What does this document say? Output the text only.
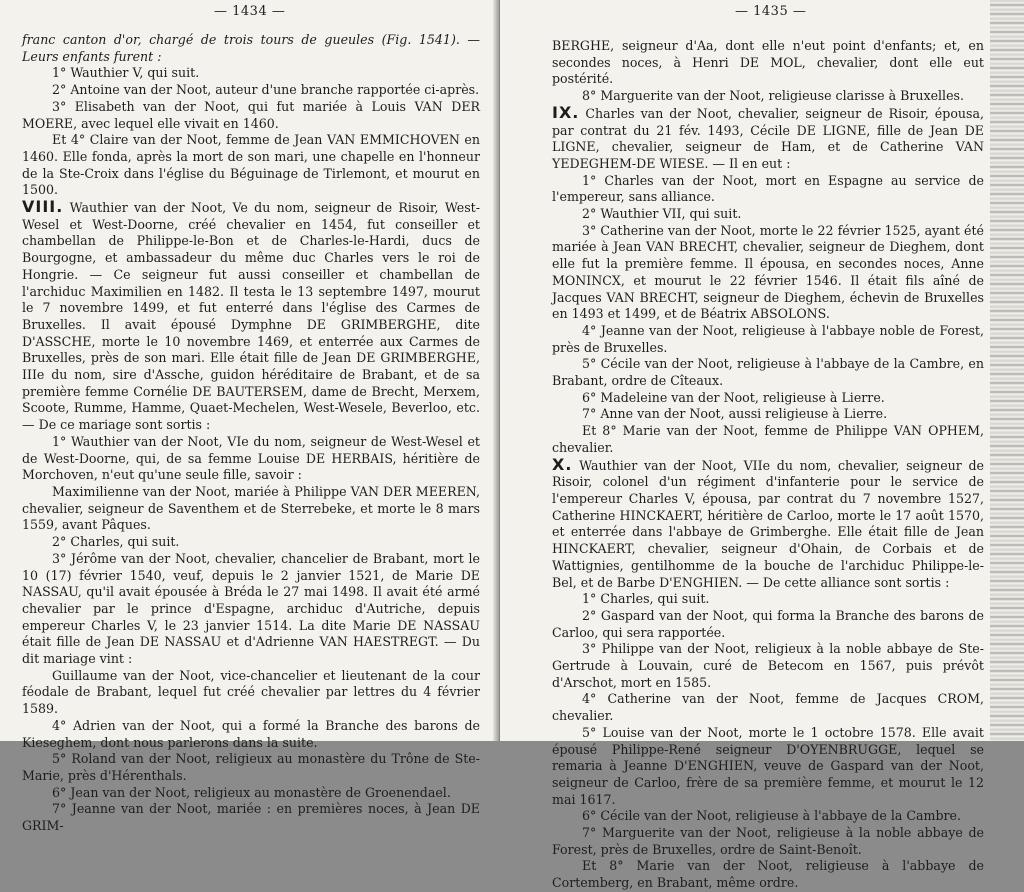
— 1434 —

franc canton d'or, chargé de trois tours de gueules (Fig. 1541). — Leurs enfants furent :

1° Wauthier V, qui suit.

2° Antoine van der Noot, auteur d'une branche rapportée ci-après.

3° Elisabeth van der Noot, qui fut mariée à Louis VAN DER MOERE, avec lequel elle vivait en 1460.

Et 4° Claire van der Noot, femme de Jean VAN EMMICHOVEN en 1460. Elle fonda, après la mort de son mari, une chapelle en l'honneur de la Ste-Croix dans l'église du Béguinage de Tirlemont, et mourut en 1500.

VIII. Wauthier van der Noot, Ve du nom, seigneur de Risoir, West-Wesel et West-Doorne, créé chevalier en 1454, fut conseiller et chambellan de Philippe-le-Bon et de Charles-le-Hardi, ducs de Bourgogne, et ambassadeur du même duc Charles vers le roi de Hongrie. — Ce seigneur fut aussi conseiller et chambellan de l'archiduc Maximilien en 1482. Il testa le 13 septembre 1497, mourut le 7 novembre 1499, et fut enterré dans l'église des Carmes de Bruxelles. Il avait épousé Dymphne DE GRIMBERGHE, dite D'ASSCHE, morte le 10 novembre 1469, et enterrée aux Carmes de Bruxelles, près de son mari. Elle était fille de Jean DE GRIMBERGHE, IIIe du nom, sire d'Assche, guidon héréditaire de Brabant, et de sa première femme Cornélie DE BAUTERSEM, dame de Brecht, Merxem, Scoote, Rumme, Hamme, Quaet-Mechelen, West-Wesele, Beverloo, etc. — De ce mariage sont sortis :

1° Wauthier van der Noot, VIe du nom, seigneur de West-Wesel et de West-Doorne, qui, de sa femme Louise DE HERBAIS, héritière de Morchoven, n'eut qu'une seule fille, savoir :

Maximilienne van der Noot, mariée à Philippe VAN DER MEEREN, chevalier, seigneur de Saventhem et de Sterrebeke, et morte le 8 mars 1559, avant Pâques.

2° Charles, qui suit.

3° Jérôme van der Noot, chevalier, chancelier de Brabant, mort le 10 (17) février 1540, veuf, depuis le 2 janvier 1521, de Marie DE NASSAU, qu'il avait épousée à Bréda le 27 mai 1498. Il avait été armé chevalier par le prince d'Espagne, archiduc d'Autriche, depuis empereur Charles V, le 23 janvier 1514. La dite Marie DE NASSAU était fille de Jean DE NASSAU et d'Adrienne VAN HAESTREGT. — Du dit mariage vint :

Guillaume van der Noot, vice-chancelier et lieutenant de la cour féodale de Brabant, lequel fut créé chevalier par lettres du 4 février 1589.

4° Adrien van der Noot, qui a formé la Branche des barons de Kieseghem, dont nous parlerons dans la suite.

5° Roland van der Noot, religieux au monastère du Trône de Ste-Marie, près d'Hérenthals.

6° Jean van der Noot, religieux au monastère de Groenendael.

7° Jeanne van der Noot, mariée : en premières noces, à Jean DE GRIM-

— 1435 —

BERGHE, seigneur d'Aa, dont elle n'eut point d'enfants; et, en secondes noces, à Henri DE MOL, chevalier, dont elle eut postérité.

8° Marguerite van der Noot, religieuse clarisse à Bruxelles.

IX. Charles van der Noot, chevalier, seigneur de Risoir, épousa, par contrat du 21 fév. 1493, Cécile DE LIGNE, fille de Jean DE LIGNE, chevalier, seigneur de Ham, et de Catherine VAN YEDEGHEM-DE WIESE. — Il en eut :

1° Charles van der Noot, mort en Espagne au service de l'empereur, sans alliance.

2° Wauthier VII, qui suit.

3° Catherine van der Noot, morte le 22 février 1525, ayant été mariée à Jean VAN BRECHT, chevalier, seigneur de Dieghem, dont elle fut la première femme. Il épousa, en secondes noces, Anne MONINCX, et mourut le 22 février 1546. Il était fils aîné de Jacques VAN BRECHT, seigneur de Dieghem, échevin de Bruxelles en 1493 et 1499, et de Béatrix ABSOLONS.

4° Jeanne van der Noot, religieuse à l'abbaye noble de Forest, près de Bruxelles.

5° Cécile van der Noot, religieuse à l'abbaye de la Cambre, en Brabant, ordre de Cîteaux.

6° Madeleine van der Noot, religieuse à Lierre.

7° Anne van der Noot, aussi religieuse à Lierre.

Et 8° Marie van der Noot, femme de Philippe VAN OPHEM, chevalier.

X. Wauthier van der Noot, VIIe du nom, chevalier, seigneur de Risoir, colonel d'un régiment d'infanterie pour le service de l'empereur Charles V, épousa, par contrat du 7 novembre 1527, Catherine HINCKAERT, héritière de Carloo, morte le 17 août 1570, et enterrée dans l'abbaye de Grimberghe. Elle était fille de Jean HINCKAERT, chevalier, seigneur d'Ohain, de Corbais et de Wattignies, gentilhomme de la bouche de l'archiduc Philippe-le-Bel, et de Barbe D'ENGHIEN. — De cette alliance sont sortis :

1° Charles, qui suit.

2° Gaspard van der Noot, qui forma la Branche des barons de Carloo, qui sera rapportée.

3° Philippe van der Noot, religieux à la noble abbaye de Ste-Gertrude à Louvain, curé de Betecom en 1567, puis prévôt d'Arschot, mort en 1585.

4° Catherine van der Noot, femme de Jacques CROM, chevalier.

5° Louise van der Noot, morte le 1 octobre 1578. Elle avait épousé Philippe-René seigneur D'OYENBRUGGE, lequel se remaria à Jeanne D'ENGHIEN, veuve de Gaspard van der Noot, seigneur de Carloo, frère de sa première femme, et mourut le 12 mai 1617.

6° Cécile van der Noot, religieuse à l'abbaye de la Cambre.

7° Marguerite van der Noot, religieuse à la noble abbaye de Forest, près de Bruxelles, ordre de Saint-Benoît.

Et 8° Marie van der Noot, religieuse à l'abbaye de Cortemberg, en Brabant, même ordre.
